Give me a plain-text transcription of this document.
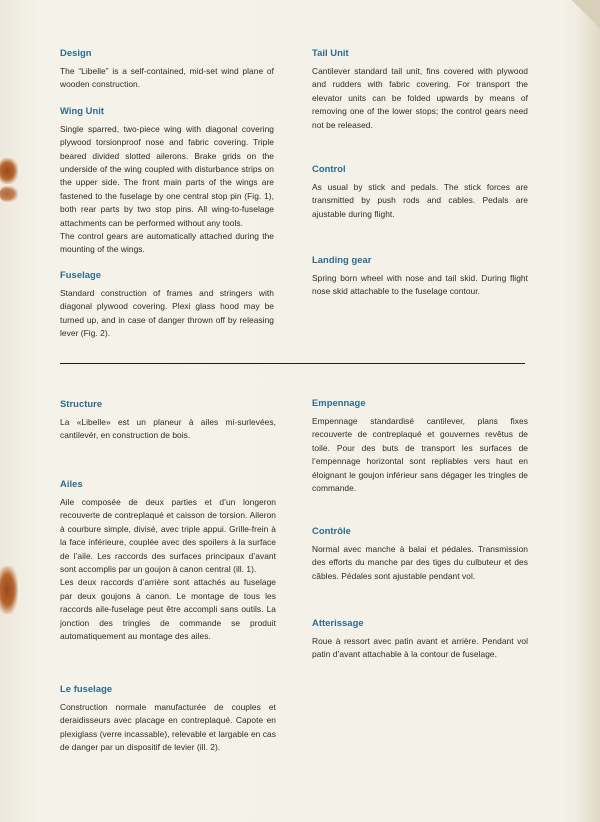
Design

The “Libelle” is a self-contained, mid-set wind plane of wooden construction.

Wing Unit

Single sparred, two-piece wing with diagonal covering plywood torsionproof nose and fabric covering. Triple beared divided slotted ailerons. Brake grids on the underside of the wing coupled with disturbance strips on the upper side. The front main parts of the wings are fastened to the fuselage by one central stop pin (Fig. 1), both rear parts by two stop pins. All wing-to-fuselage attachments can be performed without any tools.

The control gears are automatically attached during the mounting of the wings.

Fuselage

Standard construction of frames and stringers with diagonal plywood covering. Plexi glass hood may be turned up, and in case of danger thrown off by releasing lever (Fig. 2).

Tail Unit

Cantilever standard tail unit, fins covered with plywood and rudders with fabric covering. For transport the elevator units can be folded upwards by means of removing one of the lower stops; the control gears need not be released.

Control

As usual by stick and pedals. The stick forces are transmitted by push rods and cables. Pedals are ajustable during flight.

Landing gear

Spring born wheel with nose and tail skid. During flight nose skid attachable to the fuselage contour.

Structure

La «Libelle» est un planeur à ailes mi-surlevées, cantilevér, en construction de bois.

Ailes

Aile composée de deux parties et d’un longeron recouverte de contreplaqué et caisson de torsion. Aileron à courbure simple, divisé, avec triple appui. Grille-frein à la face inférieure, couplée avec des spoilers à la surface de l’aile. Les raccords des surfaces principaux d’avant sont accomplis par un goujon à canon central (ill. 1).

Les deux raccords d’arrière sont attachés au fuselage par deux goujons à canon. Le montage de tous les raccords aile-fuselage peut être accompli sans outils. La jonction des tringles de commande se produit automatiquement au montage des ailes.

Le fuselage

Construction normale manufacturée de couples et deraidisseurs avec placage en contreplaqué. Capote en plexiglass (verre incassable), relevable et largable en cas de danger par un dispositif de levier (ill. 2).

Empennage

Empennage standardisé cantilever, plans fixes recouverte de contreplaqué et gouvernes revêtus de toile. Pour des buts de transport les surfaces de l’empennage horizontal sont repliables vers haut en éloignant le goujon inférieur sans dégager les tringles de commande.

Contrôle

Normal avec manche à balai et pédales. Transmission des efforts du manche par des tiges du culbuteur et des câbles. Pédales sont ajustable pendant vol.

Atterissage

Roue à ressort avec patin avant et arrière. Pendant vol patin d’avant attachable à la contour de fuselage.
